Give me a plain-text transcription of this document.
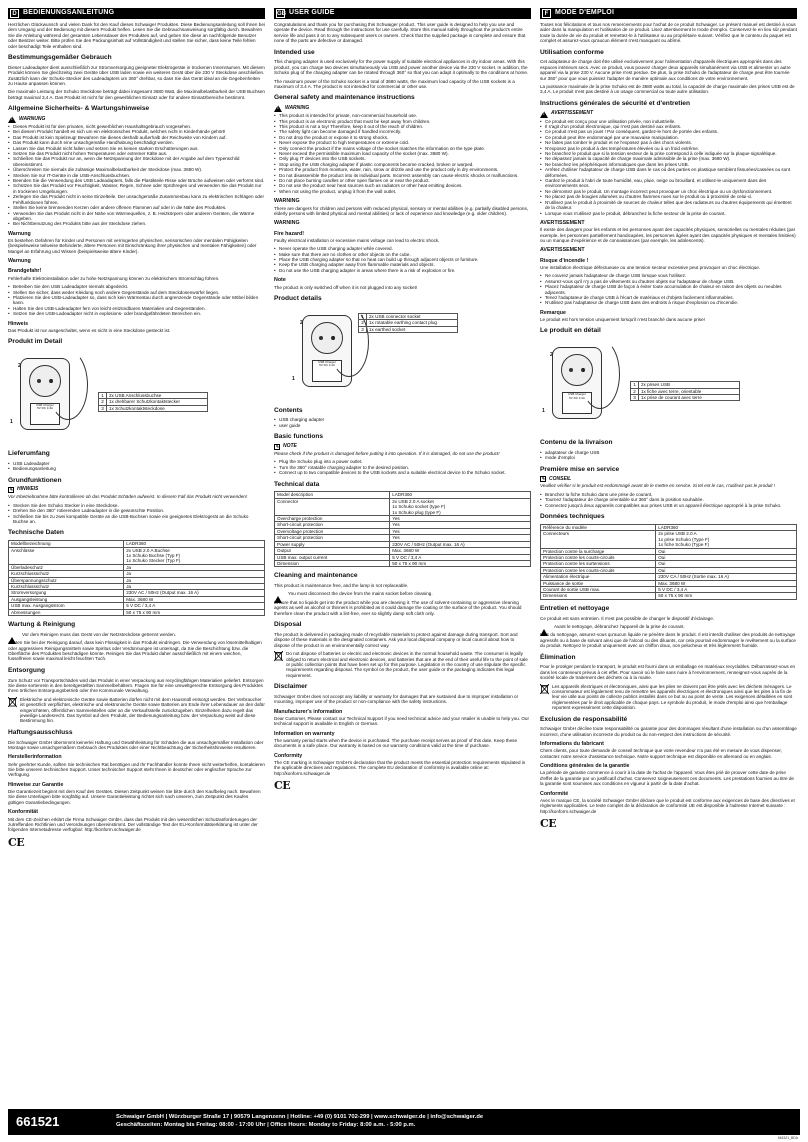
D BEDIENUNGSANLEITUNG

Herzlichen Glückwunsch und vielen Dank für den Kauf dieses Schwaiger Produktes. Diese Bedienungsanleitung soll Ihnen bei dem Umgang und der Bedienung mit diesem Produkt helfen. Lesen Sie die Gebrauchsanweisung sorgfältig durch. Bewahren Sie die Anleitung während der gesamten Lebensdauer des Produktes auf, und geben Sie diese an nachfolgende Benutzer oder Besitzer weiter. Bitte prüfen Sie den Packungsinhalt auf Vollständigkeit und stellen Sie sicher, dass keine Teile fehlen oder beschädigt Teile enthalten sind.

Bestimmungsgemäßer Gebrauch

Dieser Ladeadapter dient ausschließlich zur Stromversorgung geeigneter Elektrogeräte in trockenen Innenräumen. Mit diesem Produkt können Sie gleichzeitig zwei Geräte über USB laden sowie ein weiteres Gerät über die 230 V Steckdose anschließen. Zusätzlich kann der Schuko-Stecker des Ladeadapters um 360° drehbar, so dass Sie das Gerät ideal an die Gegebenheiten zu Hause anpassen können.

Die maximale Leistung der Schuko Steckdose beträgt dabei insgesamt 3680 Watt, die Maximalbelastbarkeit der USB Buchsen beträgt maximal 3,4 A. Das Produkt ist nicht für den gewerblichen Einsatz oder für andere Einsatzbereiche bestimmt.

Allgemeine Sicherheits- & Wartungshinweise
!
WARNUNG
• Dieses Produkt ist für den privaten, nicht gewerblichen Haushaltsgebrauch vorgesehen.
• Bei diesem Produkt handelt es sich um ein elektronisches Produkt, welches nicht in Kinderhände gehört!
• Das Produkt ist kein Spielzeug! Bewahren Sie dieses deshalb außerhalb der Reichweite von Kindern auf.
• Das Produkt kann durch eine unsachgemäße Handhabung beschädigt werden.
• Lassen Sie das Produkt nicht fallen und setzen Sie es keinen starken Erschütterungen aus.
• Setzen Sie das Produkt nicht hohen Temperaturen oder extremer Kälte aus.
• Schließen Sie das Produkt nur an, wenn die Netzspannung der Steckdose mit der Angabe auf dem Typenschild übereinstimmt.
• Überschreiten Sie niemals die zulässige Maximalbelastbarkeit der Steckdose (max. 3680 W).
• Stecken Sie nur IT-Geräte in die USB-Anschlussbuchsen.
• Beenden Sie die Verwendung des USB Ladeadapters, falls die Plastikteile Risse oder Brüche aufweisen oder verformt sind.
• Schützen Sie das Produkt vor Feuchtigkeit, Wasser, Regen, Schnee oder Sprühregen und verwenden Sie das Produkt nur in trockenen Umgebungen.
• Zerlegen Sie das Produkt nicht in seine Einzelteile. Der unsachgemäße Zusammenbau kann zu elektrischen Schlägen oder Fehlfunktionen führen.
• Stellen Sie keine brennenden Kerzen oder andere offenen Flammen auf oder in die Nähe des Produktes.
• Verwenden Sie das Produkt nicht in der Nähe von Wärmequellen, z. B. Heizkörpern oder anderen Geräten, die Wärme abgeben.
• Bei Nichtbenutzung des Produkts bitte aus der Steckdose ziehen.
Warnung

Es bestehen Gefahren für Kinder und Personen mit verringerten physischen, sensorischen oder mentalen Fähigkeiten (beispielsweise teilweise Behinderte, ältere Personen mit Einschränkung ihrer physischen und mentalen Fähigkeiten) oder Mangel an Erfahrung und Wissen (beispielsweise ältere Kinder).

Warnung
Brandgefahr!

Fehlerhafte Elektroinstallation oder zu hohe Netzspannung können zu elektrischem Stromschlag führen.

• Betreiben Sie den USB Ladeadapter niemals abgedeckt.
• Stellen Sie sicher, dass weder Kleidung noch andere Gegenstände auf dem Steckdosenwürfel liegen.
• Platzieren Sie den USB-Ladeadapter so, dass sich kein Wärmestau durch angrenzende Gegenstände oder Möbel bilden kann.
• Halten Sie den USB-Ladeadapter fern von leicht entzündbaren Materialien und Gegenständen.
• Setzen Sie den USB-Ladeadapter nicht in explosions- oder brandgefährdeten Bereichen ein.
Hinweis

Das Produkt ist nur ausgeschaltet, wenn es nicht in eine Steckdose gesteckt ist.

Produkt im Detail
USB Charger
5V DC 3.4A
1
2
3
1	2x USB Anschlussbuchse
2	1x drehbarer Schutzkontaktstecker
3	1x Schutzkontaktsteckdose
Lieferumfang
• USB Ladeadapter
• Bedienungsanleitung
Grundfunktionen
✎ HINWEIS

Vor Inbetriebnahme bitte kontrollieren ob das Produkt Schäden aufweist. In diesem Fall das Produkt nicht verwenden!

• Stecken Sie den Schuko Stecker in eine Steckdose.
• Drehen Sie den 360° rotierenden Ladeadapter in die gewünschte Position.
• Schließen Sie bis zu zwei kompatible Geräte an die USB-Buchsen sowie ein geeignetes Elektrogerät an die Schuko Buchse an.
Technische Daten
Modellbezeichnung	LADR360

Anschlüsse	2x USB 2.0 A Buchse
1x Schuko Buchse (Typ F)
1x Schuko Stecker (Typ F)

Überladeschutz	Ja

Kurzschlussschutz	Ja

Überspannungsschutz	Ja

Kurzschlussschutz	Ja

Stromversorgung	230V AC / 50Hz (Output max. 16 A)

Ausgangsleistung	Max. 3680 W

USB max. Ausgangsstrom	5 V DC / 3,4 A

Abmessungen	50 x 75 x 90 mm
Wartung & Reinigung
!
Vor dem Reinigen muss das Gerät von der Netzsteckdose getrennt werden.

Achten Sie bei der Reinigung darauf, dass kein Flüssigkeit in das Produkt eindringen. Die Verwendung von lösemittelhaltigen oder aggressiven Reinigungsmitteln sowie Spiritus oder Verdünnungen ist untersagt, da Sie die Beschichtung bzw. die Oberfläche des Produktes beschädigen könnte. Reinigen Sie das Produkt daher ausschließlich mit einem weichen, fusselfreien sowie maximal leicht feuchten Tuch.

Entsorgung

Zum Schutz vor Transportschäden wird das Produkt in einer Verpackung aus recyclingfähigen Materialien geliefert. Entsorgen Sie diese sortenrein in den bereitgestellten Sammelbehältern. Fragen Sie für eine umweltgerechte Entsorgung des Produktes Ihren örtlichen Entsorgungsbetrieb oder Ihre Kommunale Verwaltung.

Elektrische und elektronische Geräte sowie Batterien dürfen nicht mit dem Hausmüll entsorgt werden. Der Verbraucher ist gesetzlich verpflichtet, elektrische und elektronische Geräte sowie Batterien am Ende ihrer Lebensdauer an den dafür eingerichteten, öffentlichen Sammelstellen oder an die Verkaufsstelle zurückzugeben. Einzelheiten dazu regelt das jeweilige Landesrecht. Das Symbol auf dem Produkt, der Bedienungsanleitung bzw. der Verpackung weist auf diese Bestimmung hin.
Haftungsausschluss

Die Schwaiger GmbH übernimmt keinerlei Haftung und Gewährleistung für Schäden die aus unsachgemäßer Installation oder Montage sowie unsachgemäßem Gebrauch des Produktes oder einer Nichtbeachtung der Sicherheitshinweise resultieren.

Herstellerinformation

Sehr geehrter Kunde, sollten Sie technischen Rat benötigen und Ihr Fachhändler konnte Ihnen nicht weiterhelfen, kontaktieren Sie bitte unseren technischen Support. Unser technischer Support steht Ihnen in deutscher oder englischer Sprache zur Verfügung.

Hinweise zur Garantie

Die Garantiezeit beginnt mit dem Kauf des Gerätes. Diesen Zeitpunkt weisen Sie bitte durch den Kaufbeleg nach. Bewahren Sie diese Unterlagen bitte sorgfältig auf. Unsere Garantieleistung richtet sich nach unseren, zum Zeitpunkt des Kaufes gültigen Garantiebedingungen.

Konformität

Mit dem CE-Zeichen erklärt die Firma Schwaiger GmbH, dass das Produkt mit den wesentlichen Schutzanforderungen der zutreffenden Richtlinien und Verordnungen übereinstimmt. Der vollständige Text der EU-Konformitätserklärung ist unter der folgenden Internetadresse verfügbar: http://konform.schwaiger.de

CE
GB USER GUIDE

Congratulations and thank you for purchasing this Schwaiger product. This user guide is designed to help you use and operate the device. Read through the instructions for use carefully. Store this manual safely throughout the product's entire service life and pass it on to any subsequent users or owners. Check that the supplied package is complete and ensure that none of the parts are defective or damaged.

Intended use

This charging adapter is used exclusively for the power supply of suitable electrical appliances in dry indoor areas. With this product, you can charge two devices simultaneously via USB and power another device via the 230 V socket. In addition, the Schuko plug of the charging adapter can be rotated through 360° so that you can adapt it optimally to the conditions at home.

The maximum power of the Schuko socket is a total of 3680 watts, the maximum load capacity of the USB sockets is a maximum of 3.4 A. The product is not intended for commercial or other use.

General safety and maintenance instructions
!
WARNING
• This product is intended for private, non-commercial household use.
• This product is an electronic product that must be kept away from children.
• This product is not a toy! Therefore, keep it out of the reach of children.
• The safety light can become damaged if handled incorrectly.
• Do not drop the product or expose it to strong shocks.
• Never expose the product to high temperatures or extreme cold.
• Only connect the product if the mains voltage of the socket matches the information on the type plate.
• Never exceed the permissible maximum load capacity of the socket (max. 3680 W).
• Only plug IT devices into the USB sockets.
• Stop using the USB charging adapter if plastic components become cracked, broken or warped.
• Protect the product from moisture, water, rain, snow or drizzle and use the product only in dry environments.
• Do not disassemble the product into its individual parts. Incorrect assembly can cause electric shocks or malfunctions.
• Do not place burning candles or other open flames on or near the product.
• Do not use the product near heat sources such as radiators or other heat emitting devices.
• When not using the product, unplug it from the wall outlet.
WARNING

There are dangers for children and persons with reduced physical, sensory or mental abilities (e.g. partially disabled persons, elderly persons with limited physical and mental abilities) or lack of experience and knowledge (e.g. older children).

WARNING
Fire hazard!

Faulty electrical installation or excessive mains voltage can lead to electric shock.

• Never operate the USB charging adapter while covered.
• Make sure that there are no clothes or other objects on the cube.
• Place the USB charging adapter so that no heat can build up through adjacent objects or furniture.
• Keep the USB charging adapter away from flammable materials and objects.
• Do not use the USB charging adapter in areas where there is a risk of explosion or fire.
Note

The product is only switched off when it is not plugged into any socket!

Product details
USB Charger
5V DC 3.4A
1
2
3
1	2x USB connector socket
2	1x rotatable earthing contact plug
3	1x earthed socket
Contents
• USB charging adapter
• user guide
Basic functions
✎ NOTE

Please check if the product is damaged before putting it into operation. If it is damaged, do not use the product!

• Plug the Schuko plug into a power outlet.
• Turn the 360° rotatable charging adapter to the desired position.
• Connect up to two compatible devices to the USB sockets and a suitable electrical device to the Schuko socket.
Technical data
Model description	LADR360

Connector	2x USB 2.0 A socket
1x Schuko socket (type F)
1x Schuko plug (type F)

Overcharge protection	Yes

Short-circuit protection	Yes

Overvoltage protection	Yes

Short-circuit protection	Yes

Power supply	230V AC / 50Hz (Output max. 16 A)

Output	Max. 3680 W

USB max. output current	5 V DC / 3,4 A

Dimension	50 x 75 x 90 mm
Cleaning and maintenance

This product is maintenance free, and the lamp is not replaceable.

!
You must disconnect the device from the mains socket before cleaning.

Ensure that no liquids get into the product while you are cleaning it. The use of solvent-containing or aggressive cleaning agents as well as alcohol or thinners is prohibited as it could damage the coating or the surface of the product. You should therefore clean the product with a lint-free, ever so slightly damp soft cloth only.

Disposal

The product is delivered in packaging made of recyclable materials to protect against damage during transport. Sort and dispose of these materials in the designated containers. Ask your local disposal company or local council about how to dispose of the product in an environmentally correct way.

Do not dispose of batteries or electric and electronic devices in the normal household waste. The consumer is legally obliged to return electrical and electronic devices, and batteries that are at the end of their useful life to the point of sale or public collection points that have been set up for this purpose. Legislation in the country of use stipulate the specific requirements regarding disposal. The symbol on the product, the user guide or the packaging indicates this legal requirement.
Disclaimer

Schwaiger GmbH does not accept any liability or warranty for damages that are sustained due to improper installation or mounting, improper use of the product or non-compliance with the safety instructions.

Manufacturer's information

Dear Customer, Please contact our Technical Support if you need technical advice and your retailer is unable to help you. Our technical support is available in English or German.

Information on warranty

The warranty period starts when the device is purchased. The purchase receipt serves as proof of this date. Keep these documents in a safe place. Our warranty is based on our warranty conditions valid at the time of purchase.

Conformity

The CE marking is Schwaiger GmbH's declaration that the product meets the essential protection requirements stipulated in the applicable directives and regulations. The complete EU declaration of conformity is available online at: http://konform.schwaiger.de

CE
F MODE D'EMPLOI

Toutes nos félicitations et tous nos remerciements pour l'achat de ce produit Schwaiger. Le présent manuel est destiné à vous aider dans la manipulation et l'utilisation de ce produit. Lisez attentivement le mode d'emploi. Conservez-le en lieu sûr pendant toute la durée de vie du produit et remettez-le à l'utilisateur ou au propriétaire suivant. Vérifiez que le contenu du paquet est complet et assurez-vous qu'aucun élément n'est manquant ou abîmé.

Utilisation conforme

Cet adaptateur de charge doit être utilisé exclusivement pour l'alimentation d'appareils électriques appropriés dans des espaces intérieurs secs. Avec ce produit, vous pouvez charger deux appareils simultanément via USB et alimenter un autre appareil via la prise 230 V. Aucune prise n'est perdue. De plus, la prise Schuko de l'adaptateur de charge peut être tournée sur 360° pour que vous puissiez l'adapter de manière optimale aux conditions de votre environnement.

La puissance maximale de la prise Schuko est de 3680 watts au total, la capacité de charge maximale des prises USB est de 3,4 A. Le produit n'est pas destiné à un usage commercial ou toute autre utilisation.

Instructions générales de sécurité et d'entretien
!
AVERTISSEMENT
• Ce produit est conçu pour une utilisation privée, non industrielle.
• Il s'agit d'un produit électronique, qui n'est pas destiné aux enfants.
• Ce produit n'est pas un jouet ! Par conséquent, gardez-le hors de portée des enfants.
• Ce produit peut être endommagé par une mauvaise manipulation.
• Ne faites pas tomber le produit et ne l'exposez pas à des chocs violents.
• N'exposez pas le produit à des températures élevées ou à un froid extrême.
• Ne branchez le produit que si la tension secteur de la prise correspond à celle indiquée sur la plaque signalétique.
• Ne dépassez jamais la capacité de charge maximale admissible de la prise (max. 3680 W).
• Ne branchez les périphériques informatiques que dans les prises USB.
• Arrêtez d'utiliser l'adaptateur de charge USB dans le cas où des parties en plastique semblent fissurées/cassées ou sont déformées.
• Gardez le produit à l'abri de toute humidité, eau, pluie, neige ou brouillard, et utilisez-le uniquement dans des environnements secs.
• Ne démontez pas le produit. Un montage incorrect peut provoquer un choc électrique ou un dysfonctionnement.
• Ne placez pas de bougies allumées ou d'autres flammes nues sur le produit ou à proximité de celui-ci.
• N'utilisez pas le produit à proximité de sources de chaleur telles que des radiateurs ou d'autres équipements qui émettent de la chaleur.
• Lorsque vous n'utilisez pas le produit, débranchez la fiche secteur de la prise de courant.
AVERTISSEMENT

Il existe des dangers pour les enfants et les personnes ayant des capacités physiques, sensorielles ou mentales réduites (par exemple, les personnes partiellement handicapées, les personnes âgées ayant des capacités physiques et mentales limitées) ou un manque d'expérience et de connaissances (par exemple, les adolescents).

AVERTISSEMENT
Risque d'incendie !

Une installation électrique défectueuse ou une tension secteur excessive peut provoquer un choc électrique.

• Ne couvrez jamais l'adaptateur de charge USB lorsque vous l'utilisez.
• Assurez-vous qu'il n'y a pas de vêtements ou d'autres objets sur l'adaptateur de charge USB.
• Placez l'adaptateur de charge USB de façon à éviter toute accumulation de chaleur en raison des objets ou meubles adjacents.
• Tenez l'adaptateur de charge USB à l'écart de matériaux et d'objets facilement inflammables.
• N'utilisez pas l'adaptateur de charge USB dans des endroits à risque d'explosion ou d'incendie.
Remarque

Le produit est hors tension uniquement lorsqu'il n'est branché dans aucune prise!

Le produit en détail
USB Charger
5V DC 3.4A
1
2
3
1	2x prises USB
2	1x fiche avec terre, orientable
3	1x prise de courant avec terre
Contenu de la livraison
• adaptateur de charge USB
• mode d'emploi
Première mise en service
✎ CONSEIL

Veuillez vérifier si le produit est endommagé avant de le mettre en service. Si tel est le cas, n'utilisez pas le produit !

• Branchez la fiche Schuko dans une prise de courant.
• Tournez l'adaptateur de charge orientable sur 360° dans la position souhaitée.
• Connectez jusqu'à deux appareils compatibles aux prises USB et un appareil électrique approprié à la prise Schuko.
Données techniques
Référence du modèle	LADR360

Connecteurs	2x prise USB 2.0 A
1x prise Schuko (Type F)
1x fiche Schuko (Type F)

Protection contre la surcharge	Oui

Protection contre les courts-circuits	Oui

Protection contre les surtensions	Oui

Protection contre les courts-circuits	Oui

Alimentation électrique	230V CA / 50Hz (Sortie max. 16 A)

Puissance de sortie	Max. 3680 W

Courant de sortie USB max.	5 V DC / 3,4 A

Dimensions	50 x 75 x 90 mm
Entretien et nettoyage

Ce produit est sans entretien. Il n'est pas possible de changer le dispositif d'éclairage.

!
Avant le nettoyage, débranchez l'appareil de la prise de courant.

Lors du nettoyage, assurez-vous qu'aucun liquide ne pénètre dans le produit. Il est interdit d'utiliser des produits de nettoyage agressifs ou à base de solvant ainsi que de l'alcool ou des diluants, car cela pourrait endommager le revêtement ou la surface du produit. Nettoyez le produit uniquement avec un chiffon doux, non pelucheux et très légèrement humide.

Élimination

Pour le protéger pendant le transport, le produit est fourni dans un emballage en matériaux recyclables. Débarrassez-vous en dans les conteneurs prévus à cet effet. Pour savoir où le faire sans nuire à l'environnement, renseignez-vous auprès de la société locale de traitement des déchets ou à la mairie.

Les appareils électriques et électroniques, ainsi que les piles ne doivent pas être jetés avec les déchets ménagers. Le consommateur est légalement tenu de remettre les appareils électriques et électroniques ainsi que les piles à la fin de leur vie utile aux points de collecte publics installés dans ce but ou au point de vente. Les exigences détaillées en sont réglementées par le droit applicable de chaque pays. Le symbole du produit, le mode d'emploi ainsi que l'emballage reportent expressément cette disposition.
Exclusion de responsabilité

Schwaiger GmbH décline toute responsabilité ou garantie pour des dommages résultant d'une installation ou d'un assemblage incorrect, d'une utilisation incorrecte du produit ou du non-respect des instructions de sécurité.

Informations du fabricant

Chers clients, pour toute demande de conseil technique que votre revendeur n'a pas été en mesure de vous dispenser, contactez notre service d'assistance technique. Notre support technique est disponible en allemand ou en anglais.

Conditions générales de la garantie

La période de garantie commence à courir à la date de l'achat de l'appareil. Vous êtes prié de prouver cette date de prise d'effet de la garantie par un justificatif d'achat. Conservez soigneusement ces documents. Les prestations fournies au titre de la garantie sont soumises aux conditions en vigueur à partir de la date d'achat.

Conformité

Avec le marque CE, la société Schwaiger GmbH déclare que le produit est conforme aux exigences de base des directives et règlements applicables. Le texte complet de la déclaration de conformité UE est disponible à l'adresse Internet suivante : http://konform.schwaiger.de

CE
661521	Schwaiger GmbH | Würzburger Straße 17 | 90579 Langenzenn | Hotline: +49 (0) 9101 702-299 | www.schwaiger.de | info@schwaiger.de
Geschäftszeiten: Montag bis Freitag: 08:00 - 17:00 Uhr | Office Hours: Monday to Friday: 8:00 a.m. - 5:00 p.m.
661521_BDA
